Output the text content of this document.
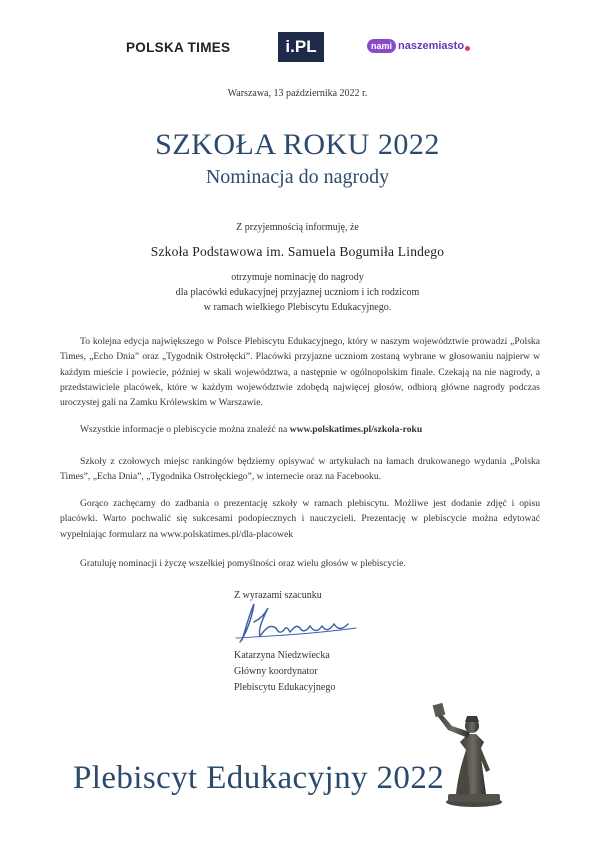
POLSKA TIMES	i.PL	nami naszemiasto
Warszawa, 13 października 2022 r.
SZKOŁA ROKU 2022
Nominacja do nagrody
Z przyjemnością informuję, że
Szkoła Podstawowa im. Samuela Bogumiła Lindego
otrzymuje nominację do nagrody
dla placówki edukacyjnej przyjaznej uczniom i ich rodzicom
w ramach wielkiego Plebiscytu Edukacyjnego.

To kolejna edycja największego w Polsce Plebiscytu Edukacyjnego, który w naszym województwie prowadzi „Polska Times, „Echo Dnia” oraz „Tygodnik Ostrołęcki”. Placówki przyjazne uczniom zostaną wybrane w głosowaniu najpierw w każdym mieście i powiecie, później w skali województwa, a następnie w ogólnopolskim finale. Czekają na nie nagrody, a przedstawiciele placówek, które w każdym województwie zdobędą najwięcej głosów, odbiorą główne nagrody podczas uroczystej gali na Zamku Królewskim w Warszawie.

Wszystkie informacje o plebiscycie można znaleźć na www.polskatimes.pl/szkola-roku

Szkoły z czołowych miejsc rankingów będziemy opisywać w artykułach na łamach drukowanego wydania „Polska Times”, „Echa Dnia”, „Tygodnika Ostrołęckiego”, w internecie oraz na Facebooku.

Gorąco zachęcamy do zadbania o prezentację szkoły w ramach plebiscytu. Możliwe jest dodanie zdjęć i opisu placówki. Warto pochwalić się sukcesami podopiecznych i nauczycieli. Prezentację w plebiscycie można edytować wypełniając formularz na www.polskatimes.pl/dla-placowek

Gratuluję nominacji i życzę wszelkiej pomyślności oraz wielu głosów w plebiscycie.

Z wyrazami szacunku
Katarzyna Niedzwiecka
Główny koordynator
Plebiscytu Edukacyjnego
Plebiscyt Edukacyjny 2022
